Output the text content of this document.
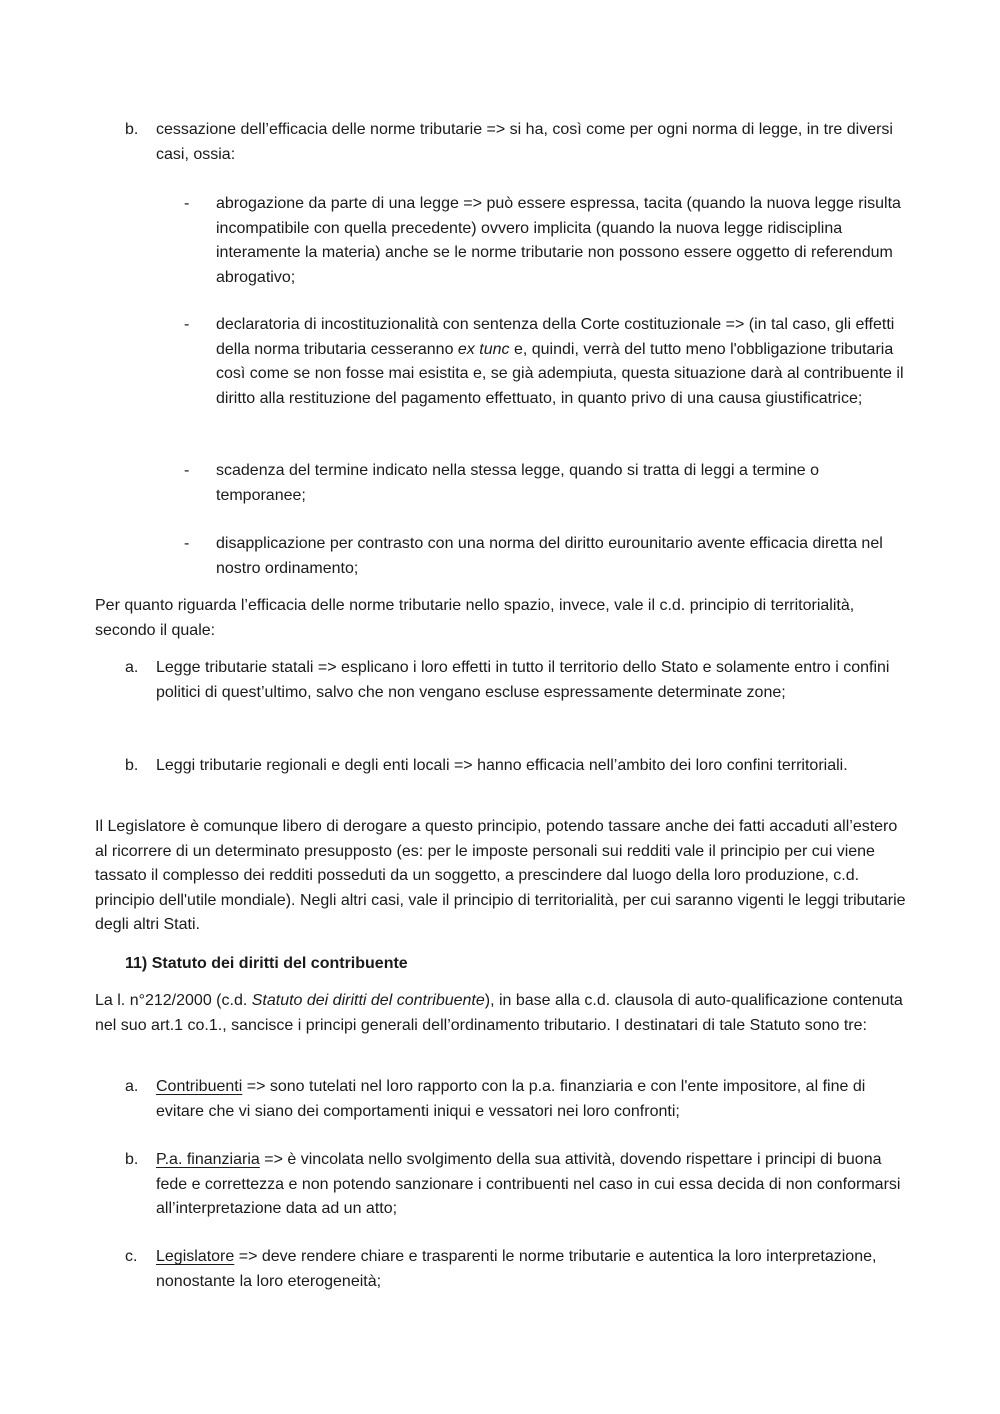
b. cessazione dell’efficacia delle norme tributarie => si ha, così come per ogni norma di legge, in tre diversi casi, ossia:
- abrogazione da parte di una legge => può essere espressa, tacita (quando la nuova legge risulta incompatibile con quella precedente) ovvero implicita (quando la nuova legge ridisciplina interamente la materia) anche se le norme tributarie non possono essere oggetto di referendum abrogativo;
- declaratoria di incostituzionalità con sentenza della Corte costituzionale => (in tal caso, gli effetti della norma tributaria cesseranno ex tunc e, quindi, verrà del tutto meno l'obbligazione tributaria così come se non fosse mai esistita e, se già adempiuta, questa situazione darà al contribuente il diritto alla restituzione del pagamento effettuato, in quanto privo di una causa giustificatrice;
- scadenza del termine indicato nella stessa legge, quando si tratta di leggi a termine o temporanee;
- disapplicazione per contrasto con una norma del diritto eurounitario avente efficacia diretta nel nostro ordinamento;

Per quanto riguarda l’efficacia delle norme tributarie nello spazio, invece, vale il c.d. principio di territorialità, secondo il quale:

a. Legge tributarie statali => esplicano i loro effetti in tutto il territorio dello Stato e solamente entro i confini politici di quest’ultimo, salvo che non vengano escluse espressamente determinate zone;
b. Leggi tributarie regionali e degli enti locali => hanno efficacia nell’ambito dei loro confini territoriali.

Il Legislatore è comunque libero di derogare a questo principio, potendo tassare anche dei fatti accaduti all’estero al ricorrere di un determinato presupposto (es: per le imposte personali sui redditi vale il principio per cui viene tassato il complesso dei redditi posseduti da un soggetto, a prescindere dal luogo della loro produzione, c.d. principio dell'utile mondiale). Negli altri casi, vale il principio di territorialità, per cui saranno vigenti le leggi tributarie degli altri Stati.

11) Statuto dei diritti del contribuente

La l. n°212/2000 (c.d. Statuto dei diritti del contribuente), in base alla c.d. clausola di auto-qualificazione contenuta nel suo art.1 co.1., sancisce i principi generali dell’ordinamento tributario. I destinatari di tale Statuto sono tre:

a. Contribuenti => sono tutelati nel loro rapporto con la p.a. finanziaria e con l'ente impositore, al fine di evitare che vi siano dei comportamenti iniqui e vessatori nei loro confronti;
b. P.a. finanziaria => è vincolata nello svolgimento della sua attività, dovendo rispettare i principi di buona fede e correttezza e non potendo sanzionare i contribuenti nel caso in cui essa decida di non conformarsi all’interpretazione data ad un atto;
c. Legislatore => deve rendere chiare e trasparenti le norme tributarie e autentica la loro interpretazione, nonostante la loro eterogeneità;
